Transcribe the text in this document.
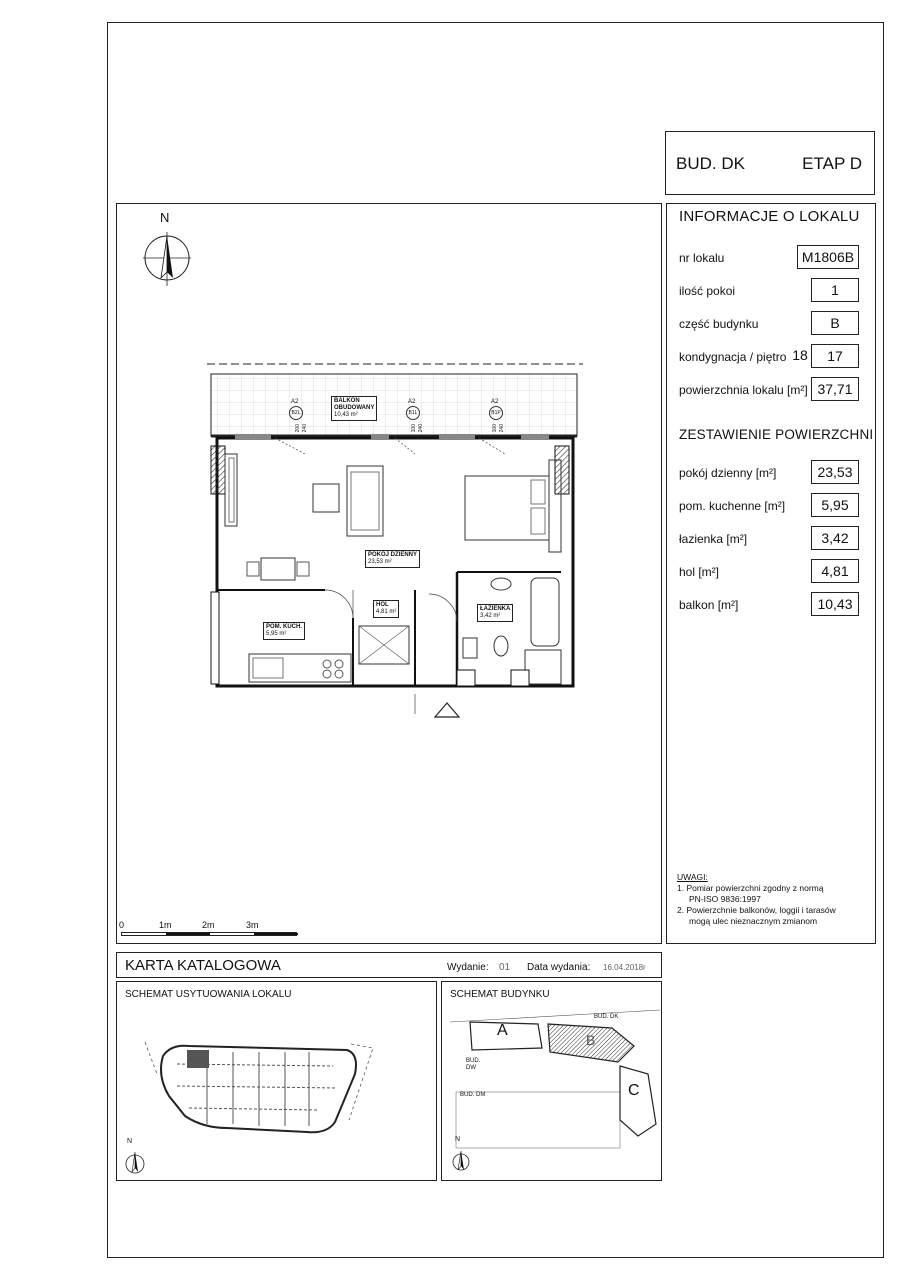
BUD. DK	ETAP D
N
A2
B2L
200 240
A2
B1L
100 240
A2
B1P
100 240
BALKON
OBUDOWANY
10,43 m²
POKÓJ DZIENNY
23,53 m²
HOL
4,81 m²	ŁAZIENKA
3,42 m²
POM. KUCH.
5,95 m²
0	1m	2m	3m
INFORMACJE O LOKALU
nr lokalu	M1806B
ilość pokoi	1
część budynku	B
kondygnacja / piętro 18	17
powierzchnia lokalu [m²] 37,71
ZESTAWIENIE POWIERZCHNI
pokój dzienny [m²]	23,53
pom. kuchenne [m²]	5,95
łazienka [m²]	3,42
hol [m²]	4,81
balkon [m²]	10,43
UWAGI:
1. Pomiar powierzchni zgodny z normą
PN-ISO 9836:1997
2. Powierzchnie balkonów, loggii i tarasów
mogą ulec nieznacznym zmianom
KARTA KATALOGOWA	Wydanie: 01 Data wydania: 16.04.2018r
SCHEMAT USYTUOWANIA LOKALU
N
SCHEMAT BUDYNKU
A
B
C
BUD. DK
BUD.
DW
BUD. DM
N
